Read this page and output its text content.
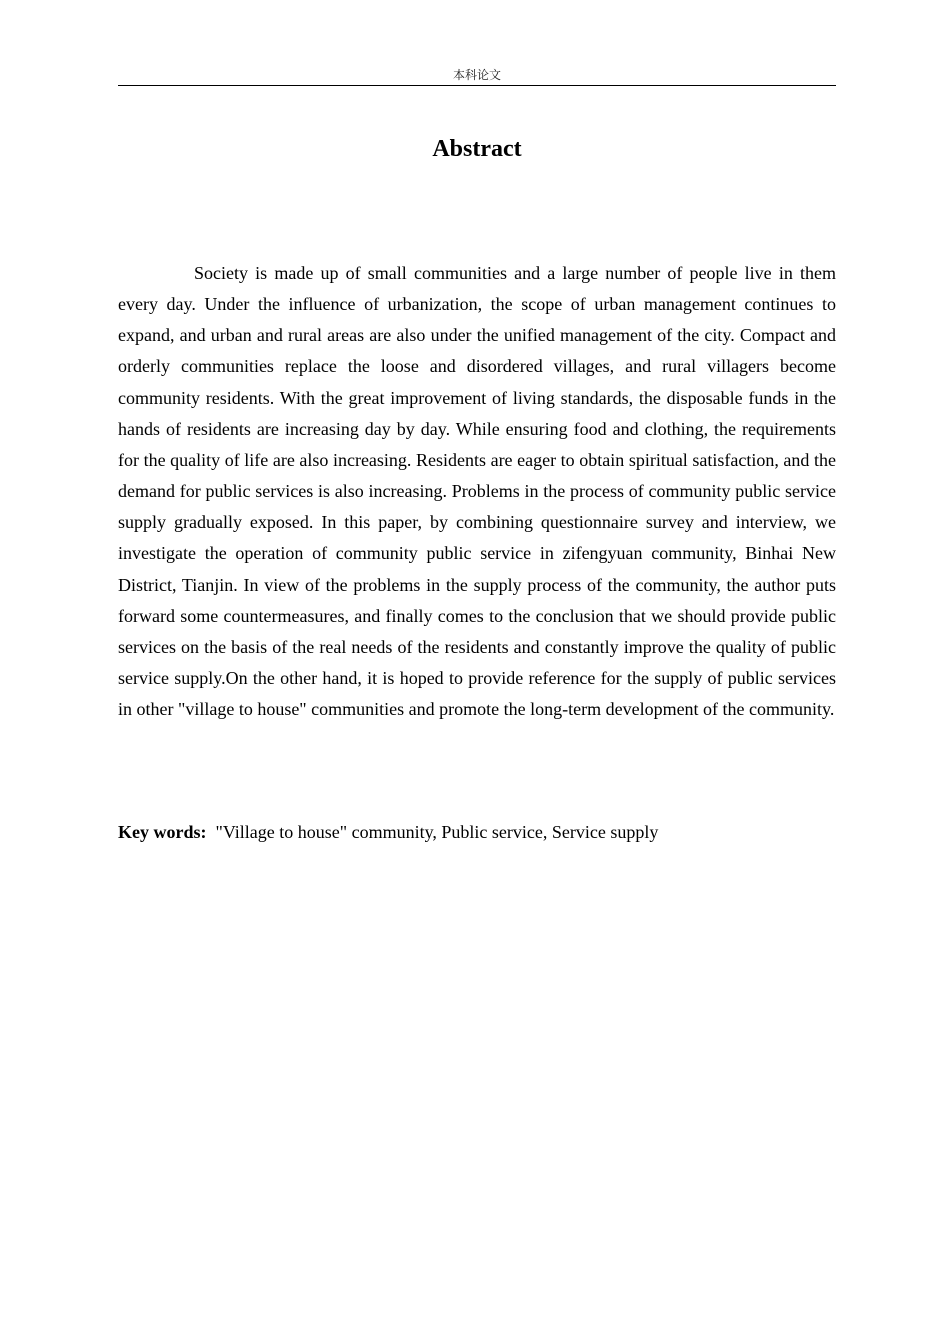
本科论文
Abstract

Society is made up of small communities and a large number of people live in them every day. Under the influence of urbanization, the scope of urban management continues to expand, and urban and rural areas are also under the unified management of the city. Compact and orderly communities replace the loose and disordered villages, and rural villagers become community residents. With the great improvement of living standards, the disposable funds in the hands of residents are increasing day by day. While ensuring food and clothing, the requirements for the quality of life are also increasing. Residents are eager to obtain spiritual satisfaction, and the demand for public services is also increasing. Problems in the process of community public service supply gradually exposed. In this paper, by combining questionnaire survey and interview, we investigate the operation of community public service in zifengyuan community, Binhai New District, Tianjin. In view of the problems in the supply process of the community, the author puts forward some countermeasures, and finally comes to the conclusion that we should provide public services on the basis of the real needs of the residents and constantly improve the quality of public service supply.On the other hand, it is hoped to provide reference for the supply of public services in other "village to house" communities and promote the long-term development of the community.

Key words: "Village to house" community, Public service, Service supply
